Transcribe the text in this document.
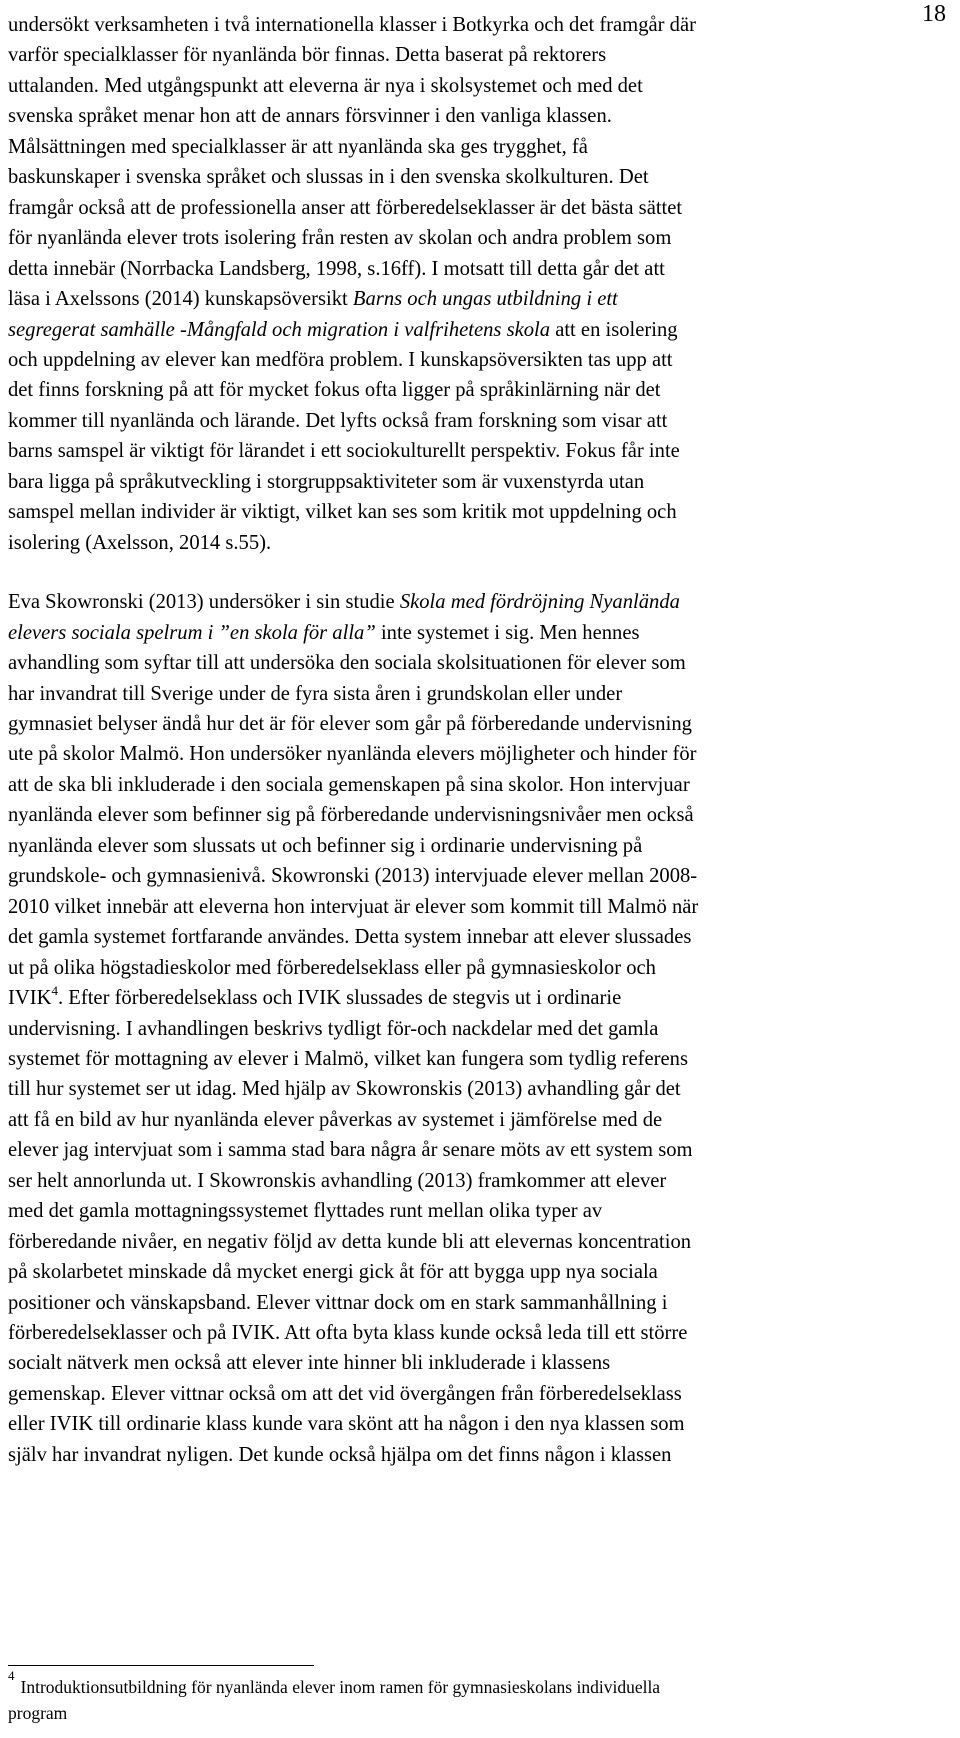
18

undersökt verksamheten i två internationella klasser i Botkyrka och det framgår där
varför specialklasser för nyanlända bör finnas. Detta baserat på rektorers
uttalanden. Med utgångspunkt att eleverna är nya i skolsystemet och med det
svenska språket menar hon att de annars försvinner i den vanliga klassen.
Målsättningen med specialklasser är att nyanlända ska ges trygghet, få
baskunskaper i svenska språket och slussas in i den svenska skolkulturen. Det
framgår också att de professionella anser att förberedelseklasser är det bästa sättet
för nyanlända elever trots isolering från resten av skolan och andra problem som
detta innebär (Norrbacka Landsberg, 1998, s.16ff). I motsatt till detta går det att
läsa i Axelssons (2014) kunskapsöversikt Barns och ungas utbildning i ett
segregerat samhälle -Mångfald och migration i valfrihetens skola att en isolering
och uppdelning av elever kan medföra problem. I kunskapsöversikten tas upp att
det finns forskning på att för mycket fokus ofta ligger på språkinlärning när det
kommer till nyanlända och lärande. Det lyfts också fram forskning som visar att
barns samspel är viktigt för lärandet i ett sociokulturellt perspektiv. Fokus får inte
bara ligga på språkutveckling i storgruppsaktiviteter som är vuxenstyrda utan
samspel mellan individer är viktigt, vilket kan ses som kritik mot uppdelning och
isolering (Axelsson, 2014 s.55).

Eva Skowronski (2013) undersöker i sin studie Skola med fördröjning Nyanlända
elevers sociala spelrum i ”en skola för alla” inte systemet i sig. Men hennes
avhandling som syftar till att undersöka den sociala skolsituationen för elever som
har invandrat till Sverige under de fyra sista åren i grundskolan eller under
gymnasiet belyser ändå hur det är för elever som går på förberedande undervisning
ute på skolor Malmö. Hon undersöker nyanlända elevers möjligheter och hinder för
att de ska bli inkluderade i den sociala gemenskapen på sina skolor. Hon intervjuar
nyanlända elever som befinner sig på förberedande undervisningsnivåer men också
nyanlända elever som slussats ut och befinner sig i ordinarie undervisning på
grundskole- och gymnasienivå. Skowronski (2013) intervjuade elever mellan 2008-
2010 vilket innebär att eleverna hon intervjuat är elever som kommit till Malmö när
det gamla systemet fortfarande användes. Detta system innebar att elever slussades
ut på olika högstadieskolor med förberedelseklass eller på gymnasieskolor och
IVIK$^4$. Efter förberedelseklass och IVIK slussades de stegvis ut i ordinarie
undervisning. I avhandlingen beskrivs tydligt för-och nackdelar med det gamla
systemet för mottagning av elever i Malmö, vilket kan fungera som tydlig referens
till hur systemet ser ut idag. Med hjälp av Skowronskis (2013) avhandling går det
att få en bild av hur nyanlända elever påverkas av systemet i jämförelse med de
elever jag intervjuat som i samma stad bara några år senare möts av ett system som
ser helt annorlunda ut. I Skowronskis avhandling (2013) framkommer att elever
med det gamla mottagningssystemet flyttades runt mellan olika typer av
förberedande nivåer, en negativ följd av detta kunde bli att elevernas koncentration
på skolarbetet minskade då mycket energi gick åt för att bygga upp nya sociala
positioner och vänskapsband. Elever vittnar dock om en stark sammanhållning i
förberedelseklasser och på IVIK. Att ofta byta klass kunde också leda till ett större
socialt nätverk men också att elever inte hinner bli inkluderade i klassens
gemenskap. Elever vittnar också om att det vid övergången från förberedelseklass
eller IVIK till ordinarie klass kunde vara skönt att ha någon i den nya klassen som
själv har invandrat nyligen. Det kunde också hjälpa om det finns någon i klassen

$^4$Introduktionsutbildning för nyanlända elever inom ramen för gymnasieskolans individuella
program
